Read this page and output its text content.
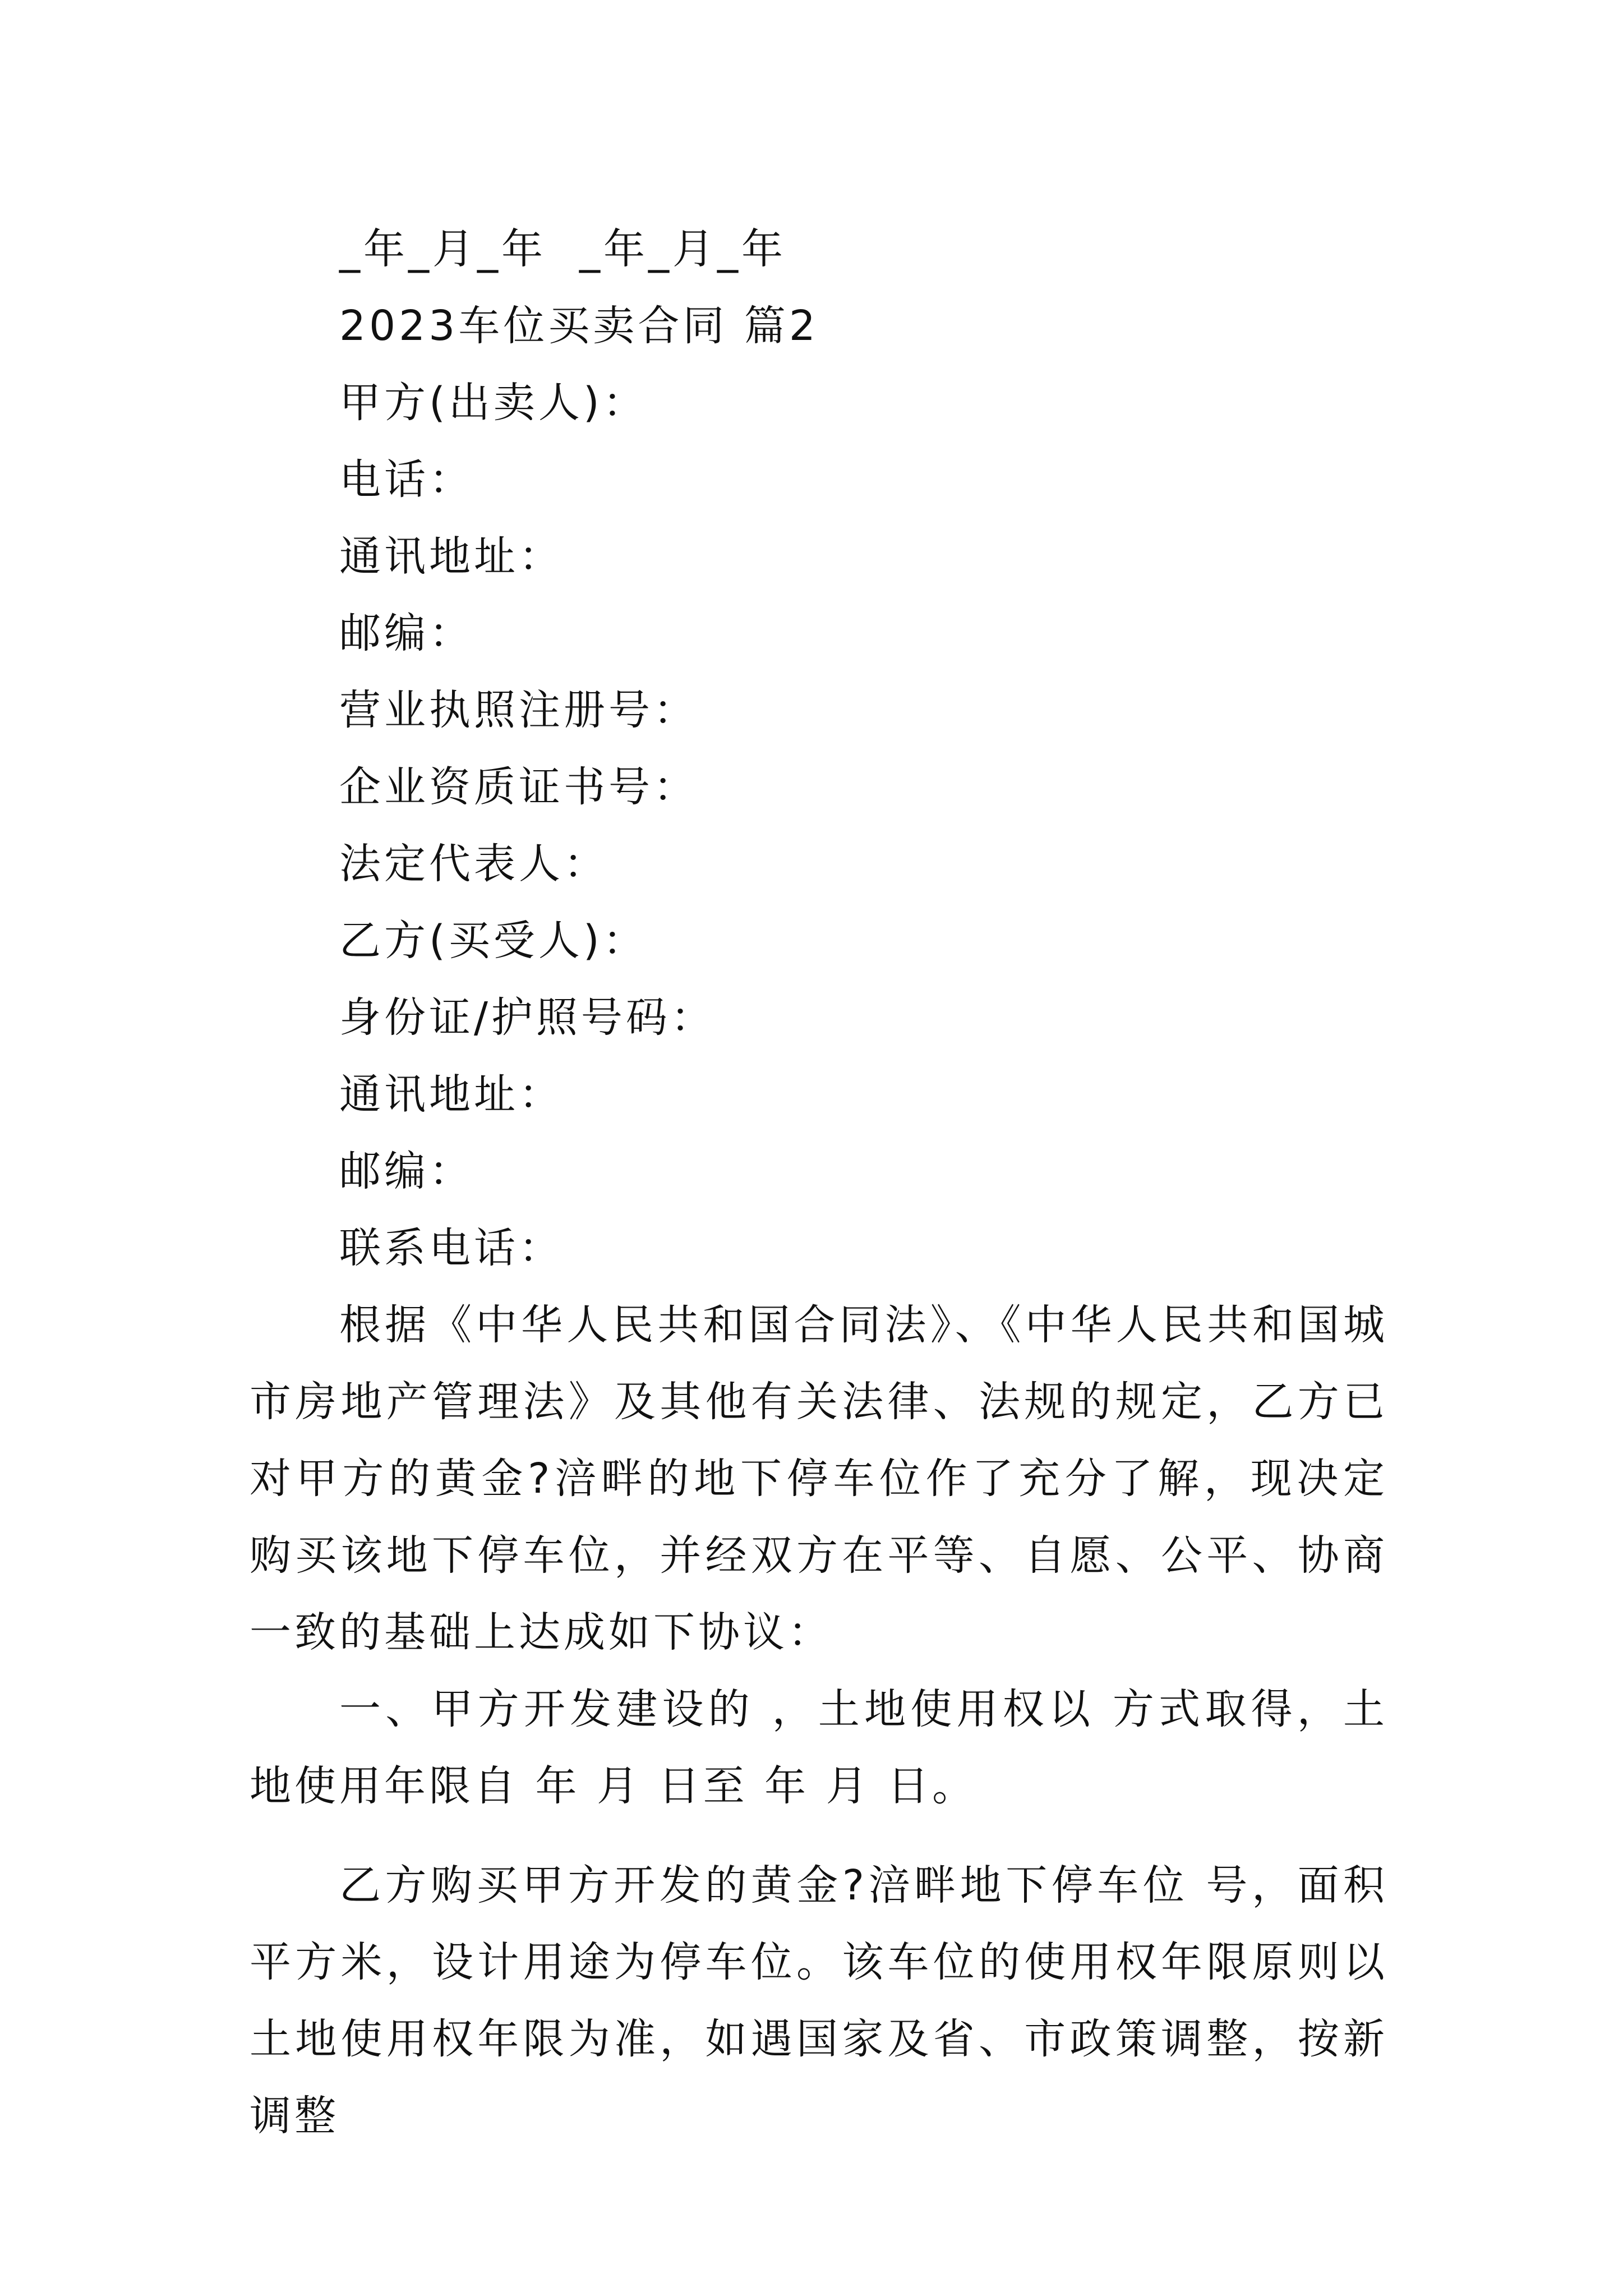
_年_月_年  _年_月_年
2023车位买卖合同 篇2
甲方(出卖人)：
电话：
通讯地址：
邮编：
营业执照注册号：
企业资质证书号：
法定代表人：
乙方(买受人)：
身份证/护照号码：
通讯地址：
邮编：
联系电话：

根据《中华人民共和国合同法》、《中华人民共和国城市房地产管理法》及其他有关法律、法规的规定，乙方已对甲方的黄金?涪畔的地下停车位作了充分了解，现决定购买该地下停车位，并经双方在平等、自愿、公平、协商一致的基础上达成如下协议：

一、甲方开发建设的 ，土地使用权以 方式取得，土地使用年限自 年 月 日至 年 月 日。

乙方购买甲方开发的黄金?涪畔地下停车位 号，面积 平方米，设计用途为停车位。该车位的使用权年限原则以土地使用权年限为准，如遇国家及省、市政策调整，按新调整
